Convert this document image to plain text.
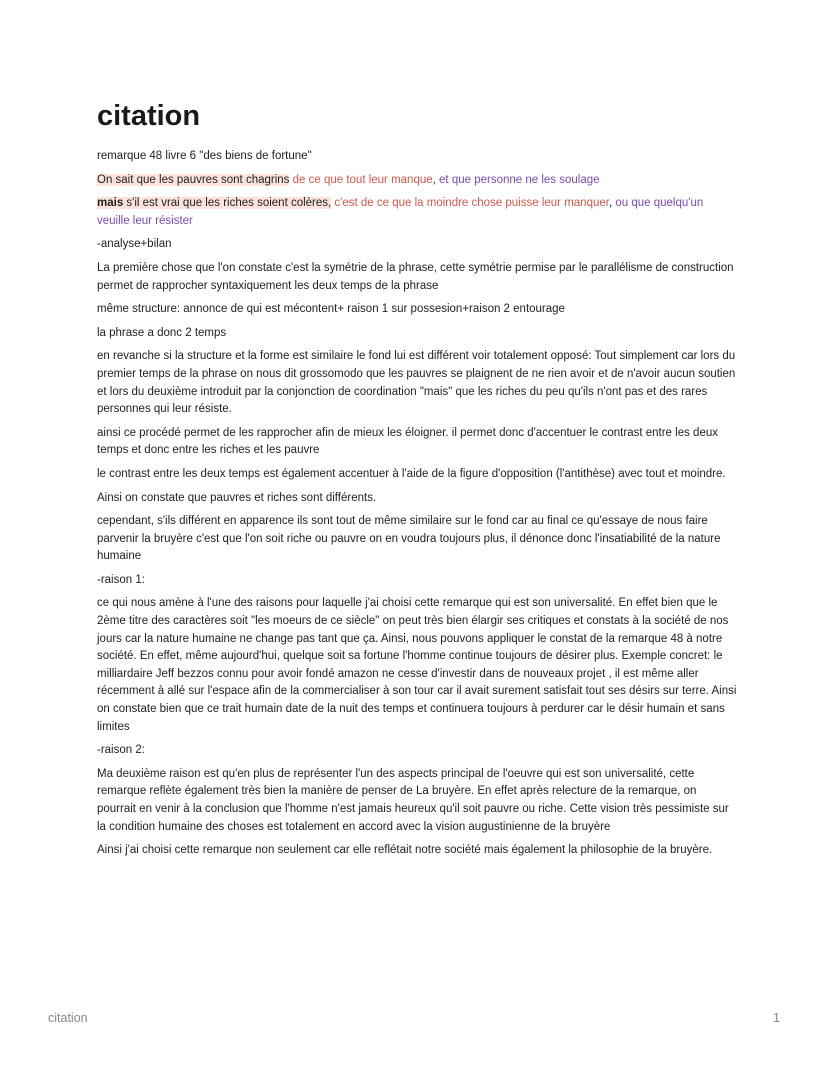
citation

remarque 48 livre 6 "des biens de fortune"

On sait que les pauvres sont chagrins de ce que tout leur manque, et que personne ne les soulage

mais s'il est vrai que les riches soient colères, c'est de ce que la moindre chose puisse leur manquer, ou que quelqu'un veuille leur résister

-analyse+bilan

La première chose que l'on constate c'est la symétrie de la phrase, cette symétrie permise par le parallélisme de construction permet de rapprocher syntaxiquement les deux temps de la phrase

même structure: annonce de qui est mécontent+ raison 1 sur possesion+raison 2 entourage

la phrase a donc 2 temps

en revanche si la structure et la forme est similaire le fond lui est différent voir totalement opposé: Tout simplement car lors du premier temps de la phrase on nous dit grossomodo que les pauvres se plaignent de ne rien avoir et de n'avoir aucun soutien et lors du deuxième introduit par la conjonction de coordination "mais" que les riches du peu qu'ils n'ont pas et des rares personnes qui leur résiste.

ainsi ce procédé permet de les rapprocher afin de mieux les éloigner. il permet donc d'accentuer le contrast entre les deux temps et donc entre les riches et les pauvre

le contrast entre les deux temps est également accentuer à l'aide de la figure d'opposition (l'antithèse) avec tout et moindre.

Ainsi on constate que pauvres et riches sont différents.

cependant, s'ils différent en apparence ils sont tout de même similaire sur le fond car au final ce qu'essaye de nous faire parvenir la bruyère c'est que l'on soit riche ou pauvre on en voudra toujours plus, il dénonce donc l'insatiabilité de la nature humaine

-raison 1:

ce qui nous amène à l'une des raisons pour laquelle j'ai choisi cette remarque qui est son universalité. En effet bien que le 2ème titre des caractères soit "les moeurs de ce siècle" on peut très bien élargir ses critiques et constats à la société de nos jours car la nature humaine ne change pas tant que ça. Ainsi, nous pouvons appliquer le constat de la remarque 48 à notre société. En effet, même aujourd'hui, quelque soit sa fortune l'homme continue toujours de désirer plus. Exemple concret: le milliardaire Jeff bezzos connu pour avoir fondé amazon ne cesse d'investir dans de nouveaux projet , il est même aller récemment à allé sur l'espace afin de la commercialiser à son tour car il avait surement satisfait tout ses désirs sur terre. Ainsi on constate bien que ce trait humain date de la nuit des temps et continuera toujours à perdurer car le désir humain et sans limites

-raison 2:

Ma deuxième raison est qu'en plus de représenter l'un des aspects principal de l'oeuvre qui est son universalité, cette remarque reflète également très bien la manière de penser de La bruyère. En effet après relecture de la remarque, on pourrait en venir à la conclusion que l'homme n'est jamais heureux qu'il soit pauvre ou riche. Cette vision très pessimiste sur la condition humaine des choses est totalement en accord avec la vision augustinienne de la bruyère

Ainsi j'ai choisi cette remarque non seulement car elle reflétait notre société mais également la philosophie de la bruyère.

citation	1
